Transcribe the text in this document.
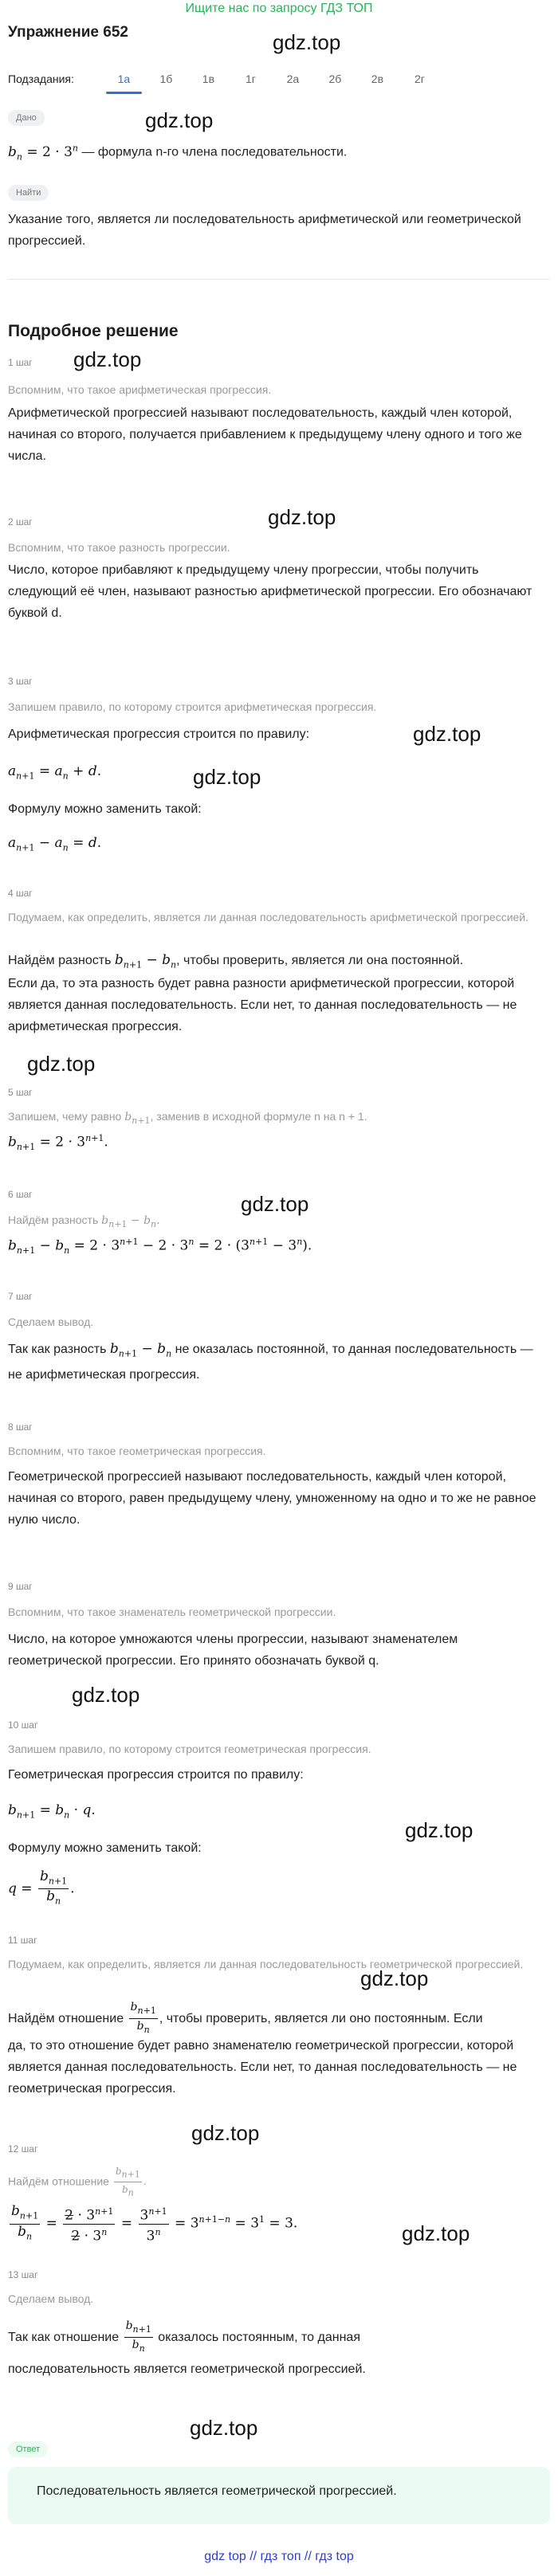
Ищите нас по запросу ГДЗ ТОП
Упражнение 652	gdz.top
Подзадания:	1а	1б	1в	1г	2а	2б	2в	2г
Дано	gdz.top
$b_n = 2 \cdot 3^n$ — формула n-го члена последовательности.
Найти
Указание того, является ли последовательность арифметической или геометрической прогрессией.
Подробное решение
1 шаг gdz.top
Вспомним, что такое арифметическая прогрессия.
Арифметической прогрессией называют последовательность, каждый член которой, начиная со второго, получается прибавлением к предыдущему члену одного и того же числа.
2 шаг	gdz.top
Вспомним, что такое разность прогрессии.
Число, которое прибавляют к предыдущему члену прогрессии, чтобы получить следующий её член, называют разностью арифметической прогрессии. Его обозначают буквой d.
3 шаг
Запишем правило, по которому строится арифметическая прогрессия.
gdz.top
Арифметическая прогрессия строится по правилу:
$a_{n+1} = a_n + d$.	gdz.top
Формулу можно заменить такой:
$a_{n+1} - a_n = d$.
4 шаг
Подумаем, как определить, является ли данная последовательность арифметической прогрессией.
Найдём разность $b_{n+1} - b_n$, чтобы проверить, является ли она постоянной.
Если да, то эта разность будет равна разности арифметической прогрессии, которой является данная последовательность. Если нет, то данная последовательность — не арифметическая прогрессия.
gdz.top
5 шаг
Запишем, чему равно $b_{n+1}$, заменив в исходной формуле n на n + 1.
$b_{n+1} = 2 \cdot 3^{n+1}$.
6 шаг	gdz.top
Найдём разность $b_{n+1} - b_n$.
$b_{n+1} - b_n = 2 \cdot 3^{n+1} - 2 \cdot 3^n = 2 \cdot (3^{n+1} - 3^n)$.
7 шаг
Сделаем вывод.
Так как разность $b_{n+1} - b_n$ не оказалась постоянной, то данная последовательность — не арифметическая прогрессия.
8 шаг
Вспомним, что такое геометрическая прогрессия.
Геометрической прогрессией называют последовательность, каждый член которой, начиная со второго, равен предыдущему члену, умноженному на одно и то же не равное нулю число.
9 шаг
Вспомним, что такое знаменатель геометрической прогрессии.
Число, на которое умножаются члены прогрессии, называют знаменателем геометрической прогрессии. Его принято обозначать буквой q.
gdz.top
10 шаг
Запишем правило, по которому строится геометрическая прогрессия.
Геометрическая прогрессия строится по правилу:
$b_{n+1} = b_n \cdot q$.
gdz.top
Формулу можно заменить такой:
$q = \frac{b_{n+1}}{b_n}$ .
11 шаг
Подумаем, как определить, является ли данная последовательность геометрической прогрессией.
gdz.top
Найдём отношение $\frac{b_{n+1}}{b_n}$ , чтобы проверить, является ли оно постоянным. Если
да, то это отношение будет равно знаменателю геометрической прогрессии, которой является данная последовательность. Если нет, то данная последовательность — не геометрическая прогрессия.
gdz.top
12 шаг
Найдём отношение $\frac{b_{n+1}}{b_n}$ .
$\frac{b_{n+1}}{b_n} = \frac{2 \cdot 3^{n+1}}{2 \cdot 3^n} = \frac{3^{n+1}}{3^n} = 3^{n+1-n} = 3^1 = 3$.	gdz.top
13 шаг
Сделаем вывод.
Так как отношение $\frac{b_{n+1}}{b_n}$ оказалось постоянным, то данная
последовательность является геометрической прогрессией.
Ответ
gdz.top
Последовательность является геометрической прогрессией.
gdz top // гдз топ // гдз top
